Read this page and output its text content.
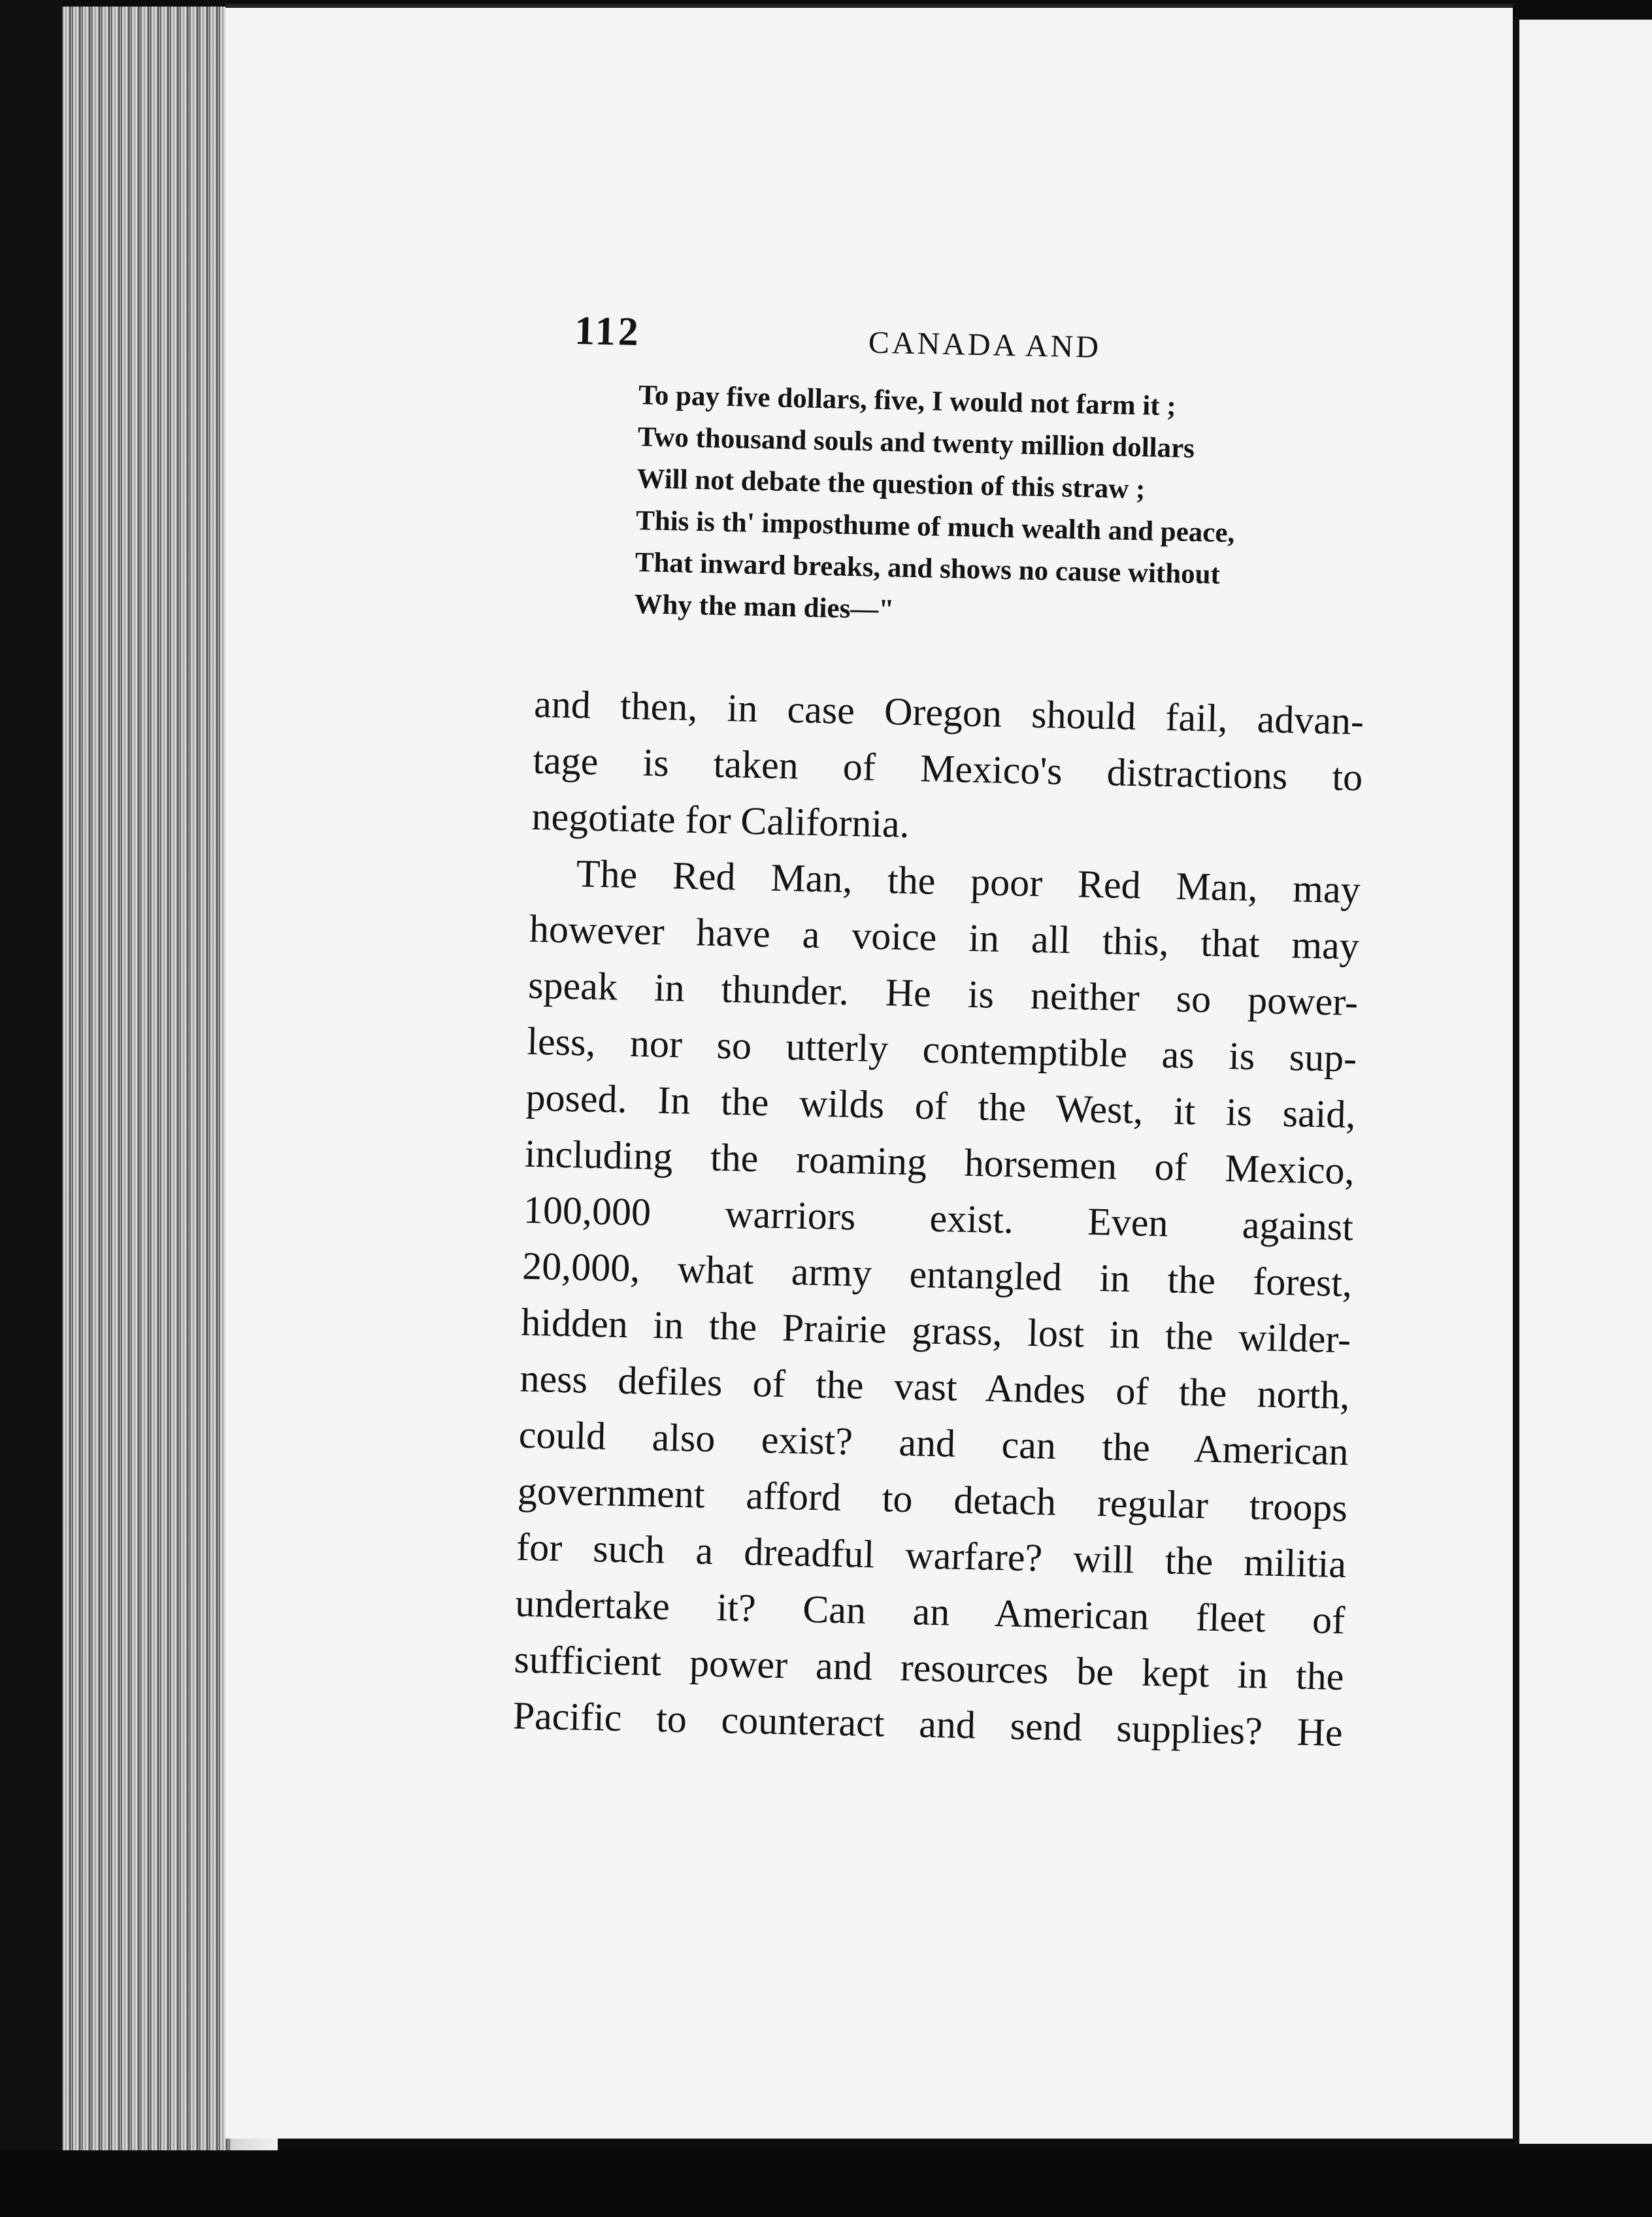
112	CANADA AND
To pay five dollars, five, I would not farm it ;
Two thousand souls and twenty million dollars
Will not debate the question of this straw ;
This is th' imposthume of much wealth and peace,
That inward breaks, and shows no cause without
Why the man dies—"
and then, in case Oregon should fail, advan-
tage is taken of Mexico's distractions to
negotiate for California.
The Red Man, the poor Red Man, may
however have a voice in all this, that may
speak in thunder. He is neither so power-
less, nor so utterly contemptible as is sup-
posed. In the wilds of the West, it is said,
including the roaming horsemen of Mexico,
100,000 warriors exist. Even against
20,000, what army entangled in the forest,
hidden in the Prairie grass, lost in the wilder-
ness defiles of the vast Andes of the north,
could also exist? and can the American
government afford to detach regular troops
for such a dreadful warfare? will the militia
undertake it? Can an American fleet of
sufficient power and resources be kept in the
Pacific to counteract and send supplies? He
